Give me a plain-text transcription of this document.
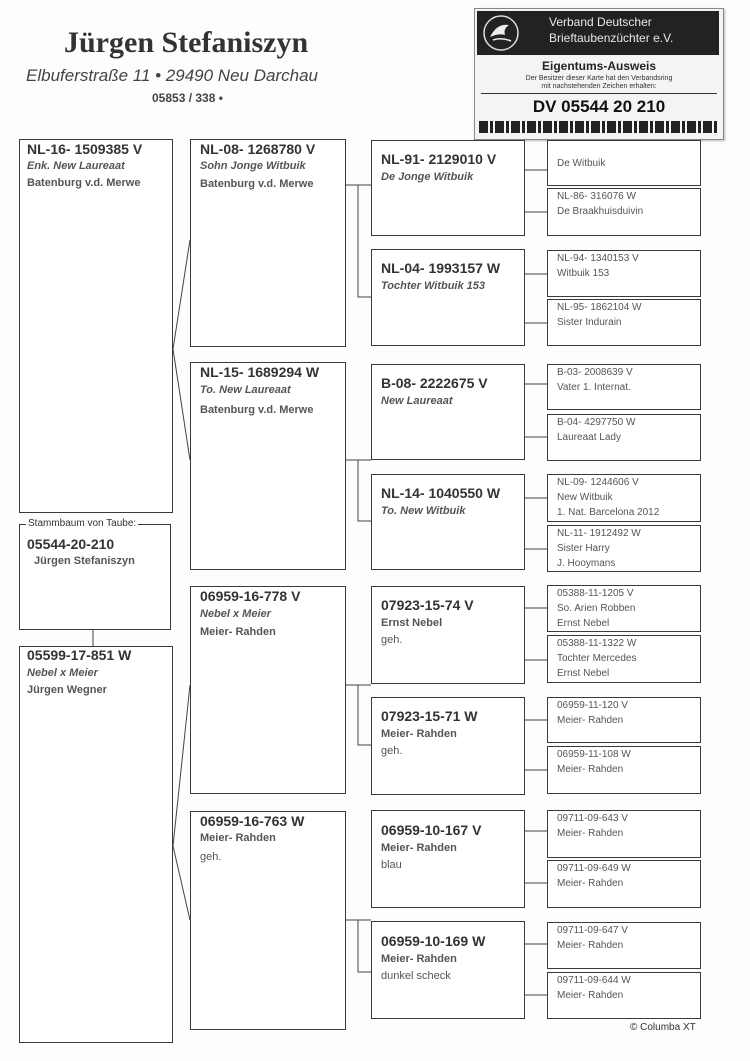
Jürgen Stefaniszyn
Elbuferstraße 11 • 29490 Neu Darchau
05853 / 338 •
Verband Deutscher
Brieftaubenzüchter e.V.
Eigentums-Ausweis
Der Besitzer dieser Karte hat den Verbandsring
mit nachstehenden Zeichen erhalten:
DV 05544 20 210
NL-16- 1509385 V
Enk. New Laureaat
Batenburg v.d. Merwe
Stammbaum von Taube:
05544-20-210
Jürgen Stefaniszyn
05599-17-851 W
Nebel x Meier
Jürgen Wegner
NL-08- 1268780 V
Sohn Jonge Witbuik
Batenburg v.d. Merwe
NL-15- 1689294 W
To. New Laureaat
Batenburg v.d. Merwe
06959-16-778 V
Nebel x Meier
Meier- Rahden
06959-16-763 W
Meier- Rahden
geh.
NL-91- 2129010 V
De Jonge Witbuik
NL-04- 1993157 W
Tochter Witbuik 153
B-08- 2222675 V
New Laureaat
NL-14- 1040550 W
To. New Witbuik
07923-15-74 V
Ernst Nebel
geh.
07923-15-71 W
Meier- Rahden
geh.
06959-10-167 V
Meier- Rahden
blau
06959-10-169 W
Meier- Rahden
dunkel scheck
De Witbuik
NL-86- 316076 W
De Braakhuisduivin
NL-94- 1340153 V
Witbuik 153
NL-95- 1862104 W
Sister Indurain
B-03- 2008639 V
Vater 1. Internat.
B-04- 4297750 W
Laureaat Lady
NL-09- 1244606 V
New Witbuik
1. Nat. Barcelona 2012
NL-11- 1912492 W
Sister Harry
J. Hooymans
05388-11-1205 V
So. Arien Robben
Ernst Nebel
05388-11-1322 W
Tochter Mercedes
Ernst Nebel
06959-11-120 V
Meier- Rahden
06959-11-108 W
Meier- Rahden
09711-09-643 V
Meier- Rahden
09711-09-649 W
Meier- Rahden
09711-09-647 V
Meier- Rahden
09711-09-644 W
Meier- Rahden
© Columba XT
